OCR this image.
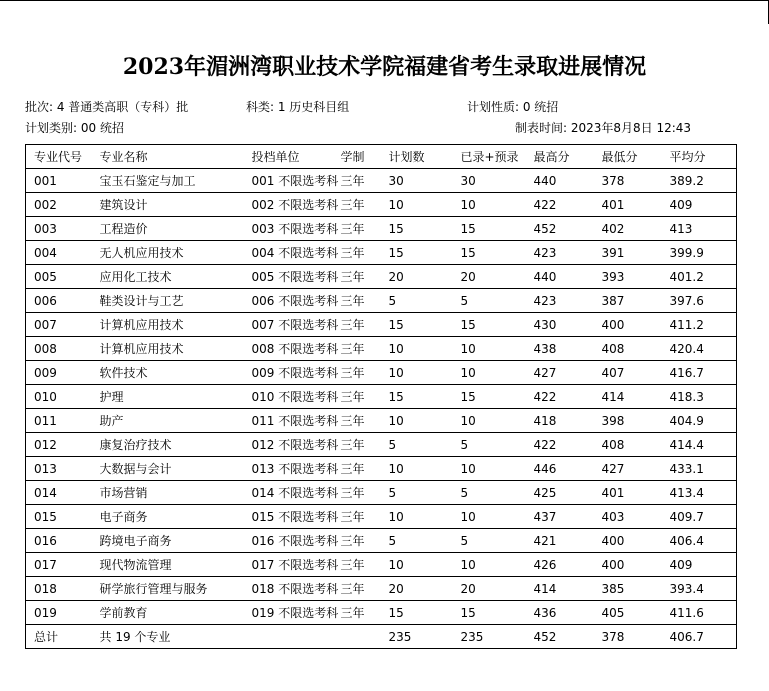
2023年湄洲湾职业技术学院福建省考生录取进展情况
批次: 4 普通类高职（专科）批	科类: 1 历史科目组	计划性质: 0 统招
计划类别: 00 统招	制表时间: 2023年8月8日 12:43
专业代号	专业名称	投档单位	学制	计划数	已录+预录	最高分	最低分	平均分
001	宝玉石鉴定与加工	001 不限选考科	三年	30	30	440	378	389.2
002	建筑设计	002 不限选考科	三年	10	10	422	401	409
003	工程造价	003 不限选考科	三年	15	15	452	402	413
004	无人机应用技术	004 不限选考科	三年	15	15	423	391	399.9
005	应用化工技术	005 不限选考科	三年	20	20	440	393	401.2
006	鞋类设计与工艺	006 不限选考科	三年	5	5	423	387	397.6
007	计算机应用技术	007 不限选考科	三年	15	15	430	400	411.2
008	计算机应用技术	008 不限选考科	三年	10	10	438	408	420.4
009	软件技术	009 不限选考科	三年	10	10	427	407	416.7
010	护理	010 不限选考科	三年	15	15	422	414	418.3
011	助产	011 不限选考科	三年	10	10	418	398	404.9
012	康复治疗技术	012 不限选考科	三年	5	5	422	408	414.4
013	大数据与会计	013 不限选考科	三年	10	10	446	427	433.1
014	市场营销	014 不限选考科	三年	5	5	425	401	413.4
015	电子商务	015 不限选考科	三年	10	10	437	403	409.7
016	跨境电子商务	016 不限选考科	三年	5	5	421	400	406.4
017	现代物流管理	017 不限选考科	三年	10	10	426	400	409
018	研学旅行管理与服务	018 不限选考科	三年	20	20	414	385	393.4
019	学前教育	019 不限选考科	三年	15	15	436	405	411.6
总计	共 19 个专业			235	235	452	378	406.7
